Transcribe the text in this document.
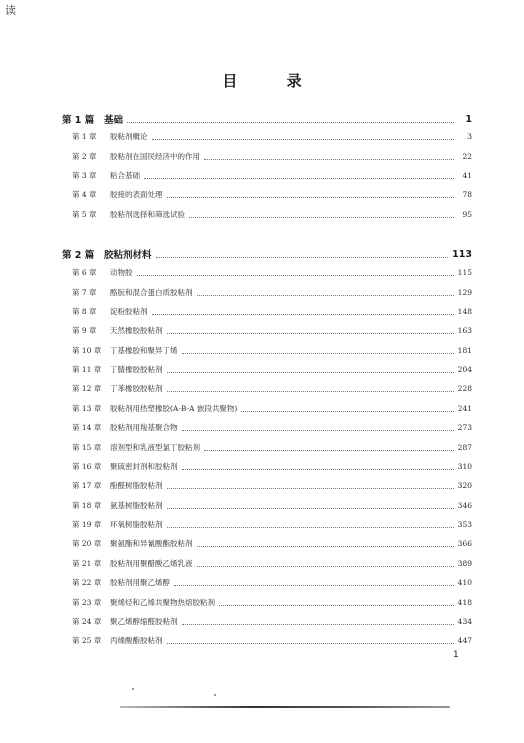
读
目 录
第 1 篇	基础	1
第 1 章	胶粘剂概论	3
第 2 章	胶粘剂在国民经济中的作用	22
第 3 章	粘合基础	41
第 4 章	胶接的表面处理	78
第 5 章	胶粘剂选择和筛选试验	95
第 2 篇	胶粘剂材料	113
第 6 章	动物胶	115
第 7 章	酪朊和混合蛋白质胶粘剂	129
第 8 章	淀粉胶粘剂	148
第 9 章	天然橡胶胶粘剂	163
第 10 章	丁基橡胶和聚异丁烯	181
第 11 章	丁腈橡胶胶粘剂	204
第 12 章	丁苯橡胶胶粘剂	228
第 13 章	胶粘剂用热塑橡胶(A-B-A 嵌段共聚物)	241
第 14 章	胶粘剂用羧基聚合物	273
第 15 章	溶剂型和乳液型氯丁胶粘剂	287
第 16 章	聚硫密封剂和胶粘剂	310
第 17 章	酚醛树脂胶粘剂	320
第 18 章	氨基树脂胶粘剂	346
第 19 章	环氧树脂胶粘剂	353
第 20 章	聚氨酯和异氰酸酯胶粘剂	366
第 21 章	胶粘剂用聚醋酸乙烯乳液	389
第 22 章	胶粘剂用聚乙烯醇	410
第 23 章	聚烯烃和乙烯共聚物热熔胶粘剂	418
第 24 章	聚乙烯醇缩醛胶粘剂	434
第 25 章	丙烯酸酯胶粘剂	447
1
